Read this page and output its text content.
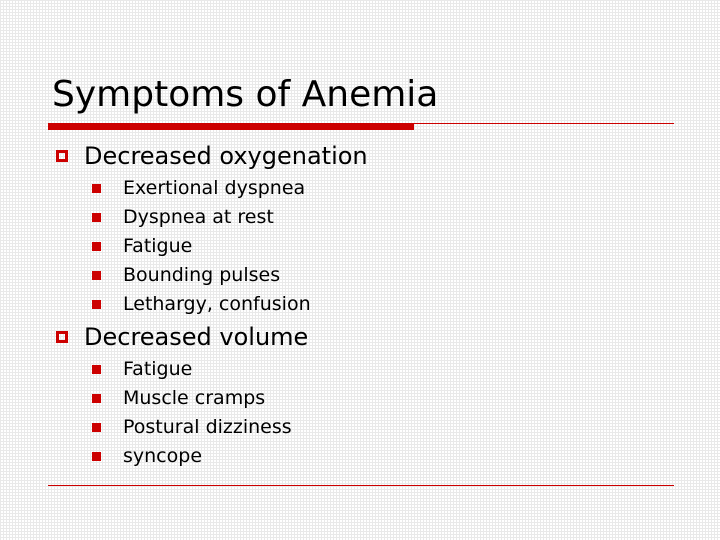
Symptoms of Anemia
Decreased oxygenation
Exertional dyspnea
Dyspnea at rest
Fatigue
Bounding pulses
Lethargy, confusion
Decreased volume
Fatigue
Muscle cramps
Postural dizziness
syncope
